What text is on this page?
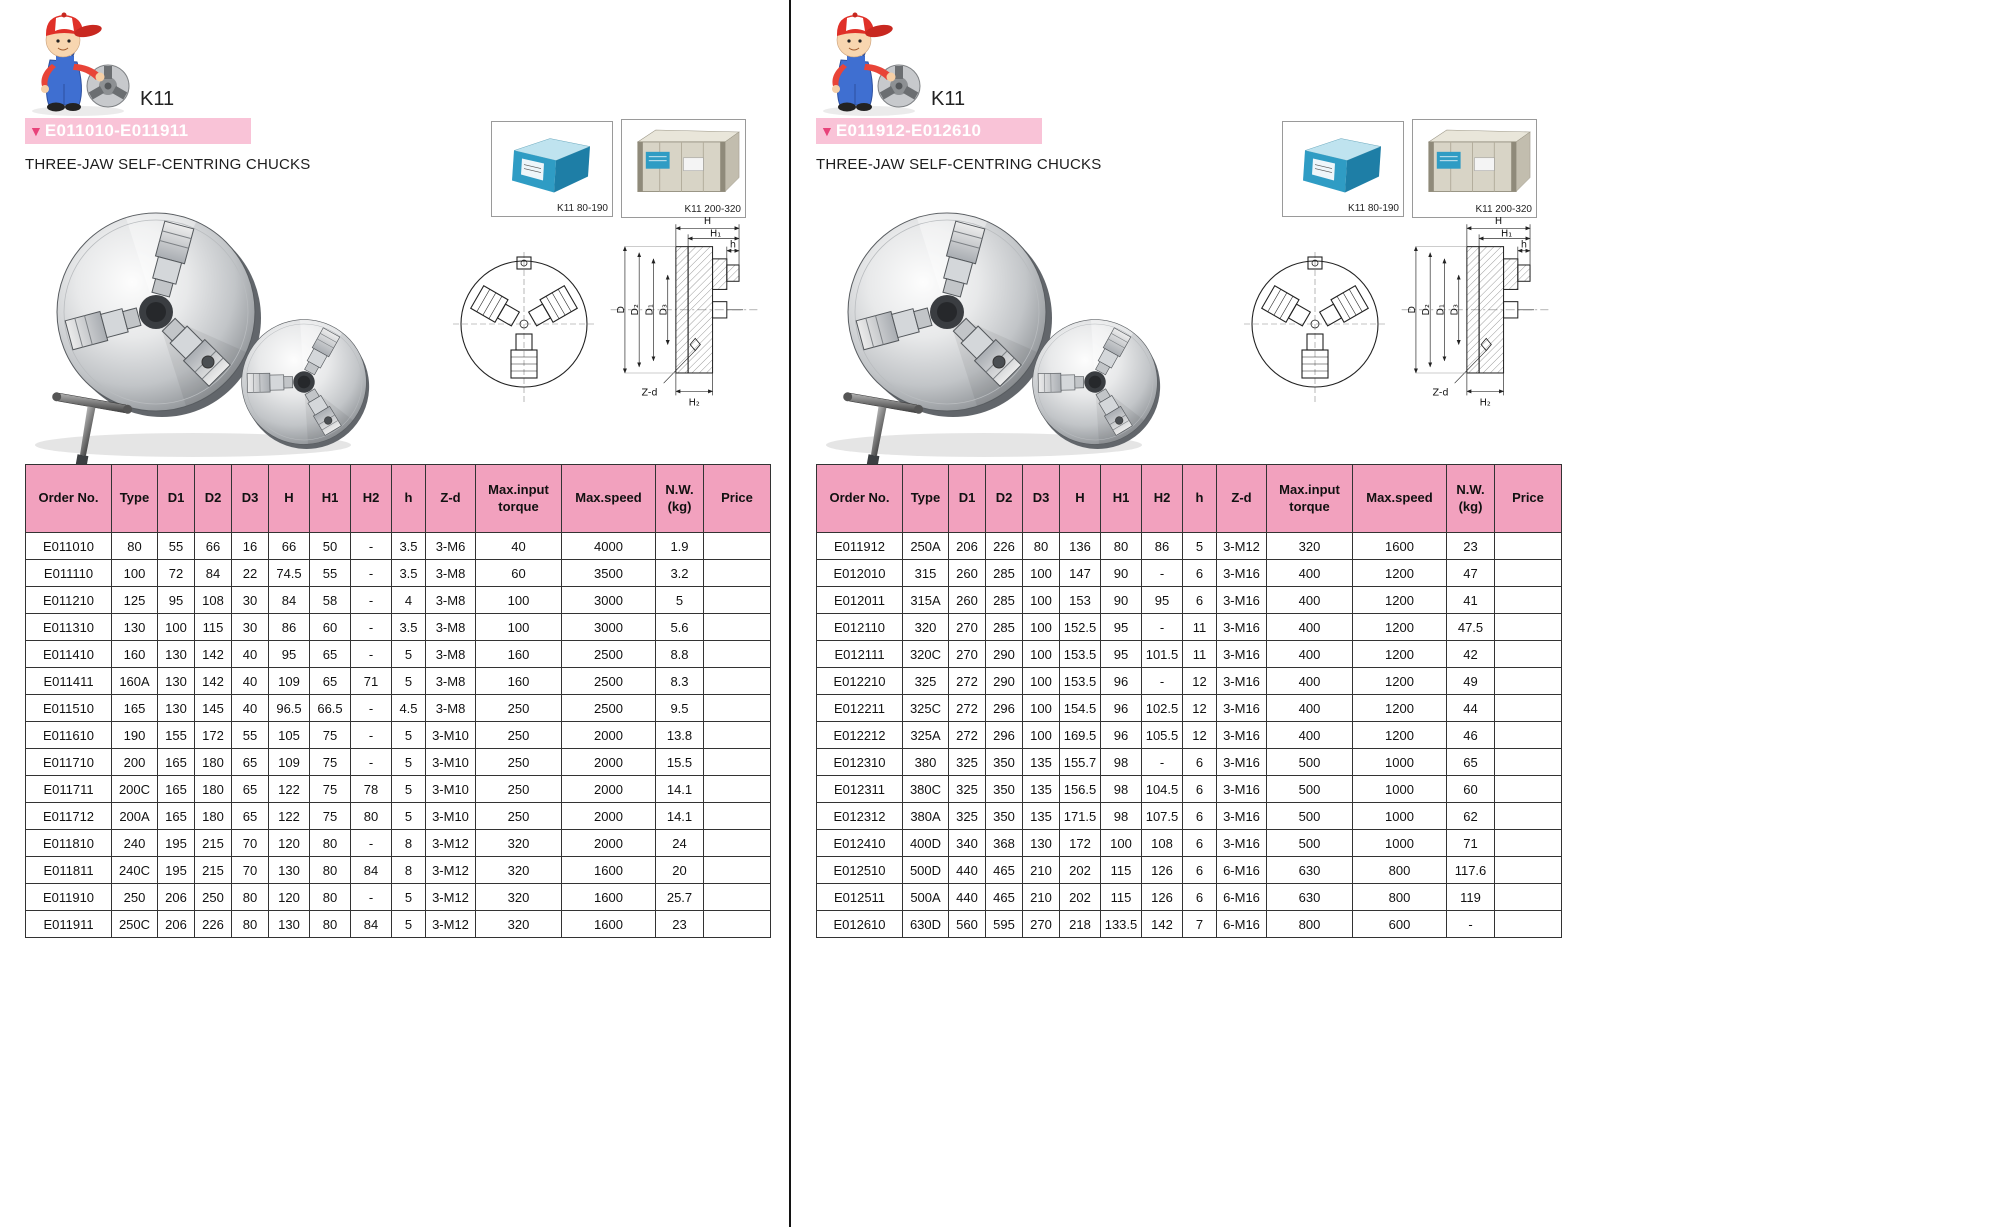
K11
▼ E011010-E011911
THREE-JAW SELF-CENTRING CHUCKS
K11 80-190	K11 200-320
H
H₁
h
D D₂ D₁ D₃
Z-d
H₂
Order No.	Type	D1	D2	D3	H	H1	H2	h	Z-d	Max.input torque	Max.speed	N.W. (kg)	Price
E011010	80	55	66	16	66	50	-	3.5	3-M6	40	4000	1.9	
E011110	100	72	84	22	74.5	55	-	3.5	3-M8	60	3500	3.2	
E011210	125	95	108	30	84	58	-	4	3-M8	100	3000	5	
E011310	130	100	115	30	86	60	-	3.5	3-M8	100	3000	5.6	
E011410	160	130	142	40	95	65	-	5	3-M8	160	2500	8.8	
E011411	160A	130	142	40	109	65	71	5	3-M8	160	2500	8.3	
E011510	165	130	145	40	96.5	66.5	-	4.5	3-M8	250	2500	9.5	
E011610	190	155	172	55	105	75	-	5	3-M10	250	2000	13.8	
E011710	200	165	180	65	109	75	-	5	3-M10	250	2000	15.5	
E011711	200C	165	180	65	122	75	78	5	3-M10	250	2000	14.1	
E011712	200A	165	180	65	122	75	80	5	3-M10	250	2000	14.1	
E011810	240	195	215	70	120	80	-	8	3-M12	320	2000	24	
E011811	240C	195	215	70	130	80	84	8	3-M12	320	1600	20	
E011910	250	206	250	80	120	80	-	5	3-M12	320	1600	25.7	
E011911	250C	206	226	80	130	80	84	5	3-M12	320	1600	23	
K11
▼ E011912-E012610
THREE-JAW SELF-CENTRING CHUCKS
K11 80-190	K11 200-320
H
H₁
h
D D₂ D₁ D₃
Z-d
H₂
Order No.	Type	D1	D2	D3	H	H1	H2	h	Z-d	Max.input torque	Max.speed	N.W. (kg)	Price
E011912	250A	206	226	80	136	80	86	5	3-M12	320	1600	23	
E012010	315	260	285	100	147	90	-	6	3-M16	400	1200	47	
E012011	315A	260	285	100	153	90	95	6	3-M16	400	1200	41	
E012110	320	270	285	100	152.5	95	-	11	3-M16	400	1200	47.5	
E012111	320C	270	290	100	153.5	95	101.5	11	3-M16	400	1200	42	
E012210	325	272	290	100	153.5	96	-	12	3-M16	400	1200	49	
E012211	325C	272	296	100	154.5	96	102.5	12	3-M16	400	1200	44	
E012212	325A	272	296	100	169.5	96	105.5	12	3-M16	400	1200	46	
E012310	380	325	350	135	155.7	98	-	6	3-M16	500	1000	65	
E012311	380C	325	350	135	156.5	98	104.5	6	3-M16	500	1000	60	
E012312	380A	325	350	135	171.5	98	107.5	6	3-M16	500	1000	62	
E012410	400D	340	368	130	172	100	108	6	3-M16	500	1000	71	
E012510	500D	440	465	210	202	115	126	6	6-M16	630	800	117.6	
E012511	500A	440	465	210	202	115	126	6	6-M16	630	800	119	
E012610	630D	560	595	270	218	133.5	142	7	6-M16	800	600	-	
